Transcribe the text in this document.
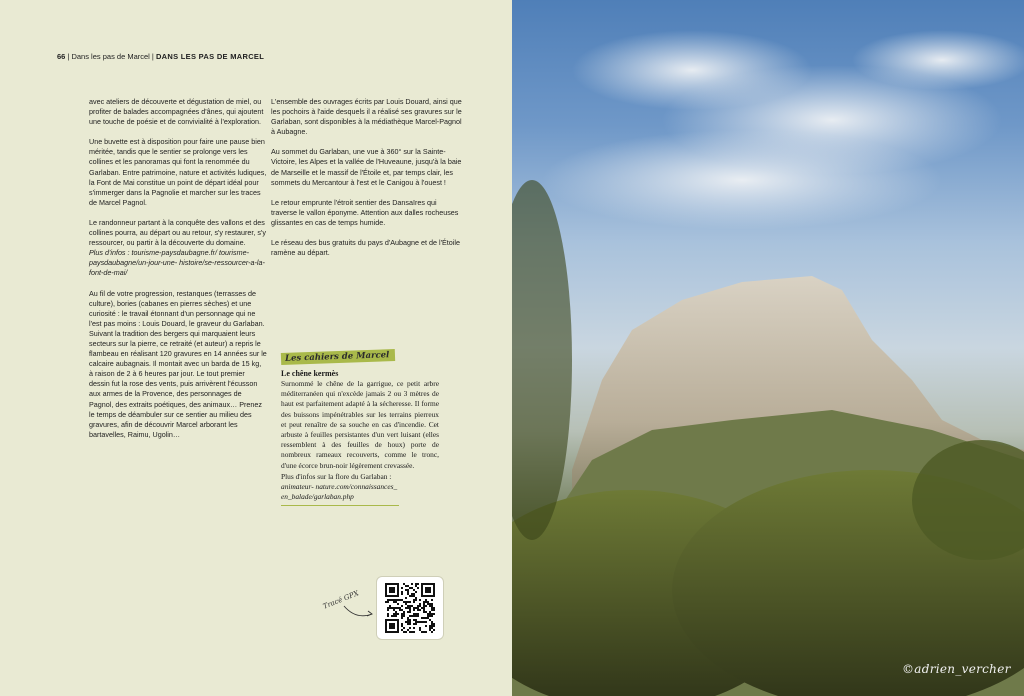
66 | Dans les pas de Marcel | DANS LES PAS DE MARCEL

avec ateliers de découverte et dégustation de miel, ou profiter de balades accompagnées d'ânes, qui ajoutent une touche de poésie et de convivialité à l'exploration.

Une buvette est à disposition pour faire une pause bien méritée, tandis que le sentier se prolonge vers les collines et les panoramas qui font la renommée du Garlaban. Entre patrimoine, nature et activités ludiques, la Font de Mai constitue un point de départ idéal pour s'immerger dans la Pagnolie et marcher sur les traces de Marcel Pagnol.

Le randonneur partant à la conquête des vallons et des collines pourra, au départ ou au retour, s'y restaurer, s'y ressourcer, ou partir à la découverte du domaine.
Plus d'infos : tourisme-paysdaubagne.fr/ tourisme-paysdaubagne/un-jour-une- histoire/se-ressourcer-a-la-font-de-mai/

Au fil de votre progression, restanques (terrasses de culture), bories (cabanes en pierres sèches) et une curiosité : le travail étonnant d'un personnage qui ne l'est pas moins : Louis Douard, le graveur du Garlaban. Suivant la tradition des bergers qui marquaient leurs secteurs sur la pierre, ce retraité (et auteur) a repris le flambeau en réalisant 120 gravures en 14 années sur le calcaire aubagnais. Il montait avec un barda de 15 kg, à raison de 2 à 6 heures par jour. Le tout premier dessin fut la rose des vents, puis arrivèrent l'écusson aux armes de la Provence, des personnages de Pagnol, des extraits poétiques, des animaux… Prenez le temps de déambuler sur ce sentier au milieu des gravures, afin de découvrir Marcel arborant les bartavelles, Raimu, Ugolin…

L'ensemble des ouvrages écrits par Louis Douard, ainsi que les pochoirs à l'aide desquels il a réalisé ses gravures sur le Garlaban, sont disponibles à la médiathèque Marcel-Pagnol à Aubagne.

Au sommet du Garlaban, une vue à 360° sur la Sainte-Victoire, les Alpes et la vallée de l'Huveaune, jusqu'à la baie de Marseille et le massif de l'Étoile et, par temps clair, les sommets du Mercantour à l'est et le Canigou à l'ouest !

Le retour emprunte l'étroit sentier des Dansaïres qui traverse le vallon éponyme. Attention aux dalles rocheuses glissantes en cas de temps humide.

Le réseau des bus gratuits du pays d'Aubagne et de l'Étoile ramène au départ.

Les cahiers de Marcel
Le chêne kermès
Surnommé le chêne de la garrigue, ce petit arbre méditerranéen qui n'excède jamais 2 ou 3 mètres de haut est parfaitement adapté à la sécheresse. Il forme des buissons impénétrables sur les terrains pierreux et peut renaître de sa souche en cas d'incendie. Cet arbuste à feuilles persistantes d'un vert luisant (elles ressemblent à des feuilles de houx) porte de nombreux rameaux recouverts, comme le tronc, d'une écorce brun-noir légèrement crevassée.
Plus d'infos sur la flore du Garlaban :
animateur- nature.com/connaissances_ en_balade/garlaban.php
Tracé GPX
©adrien_vercher
